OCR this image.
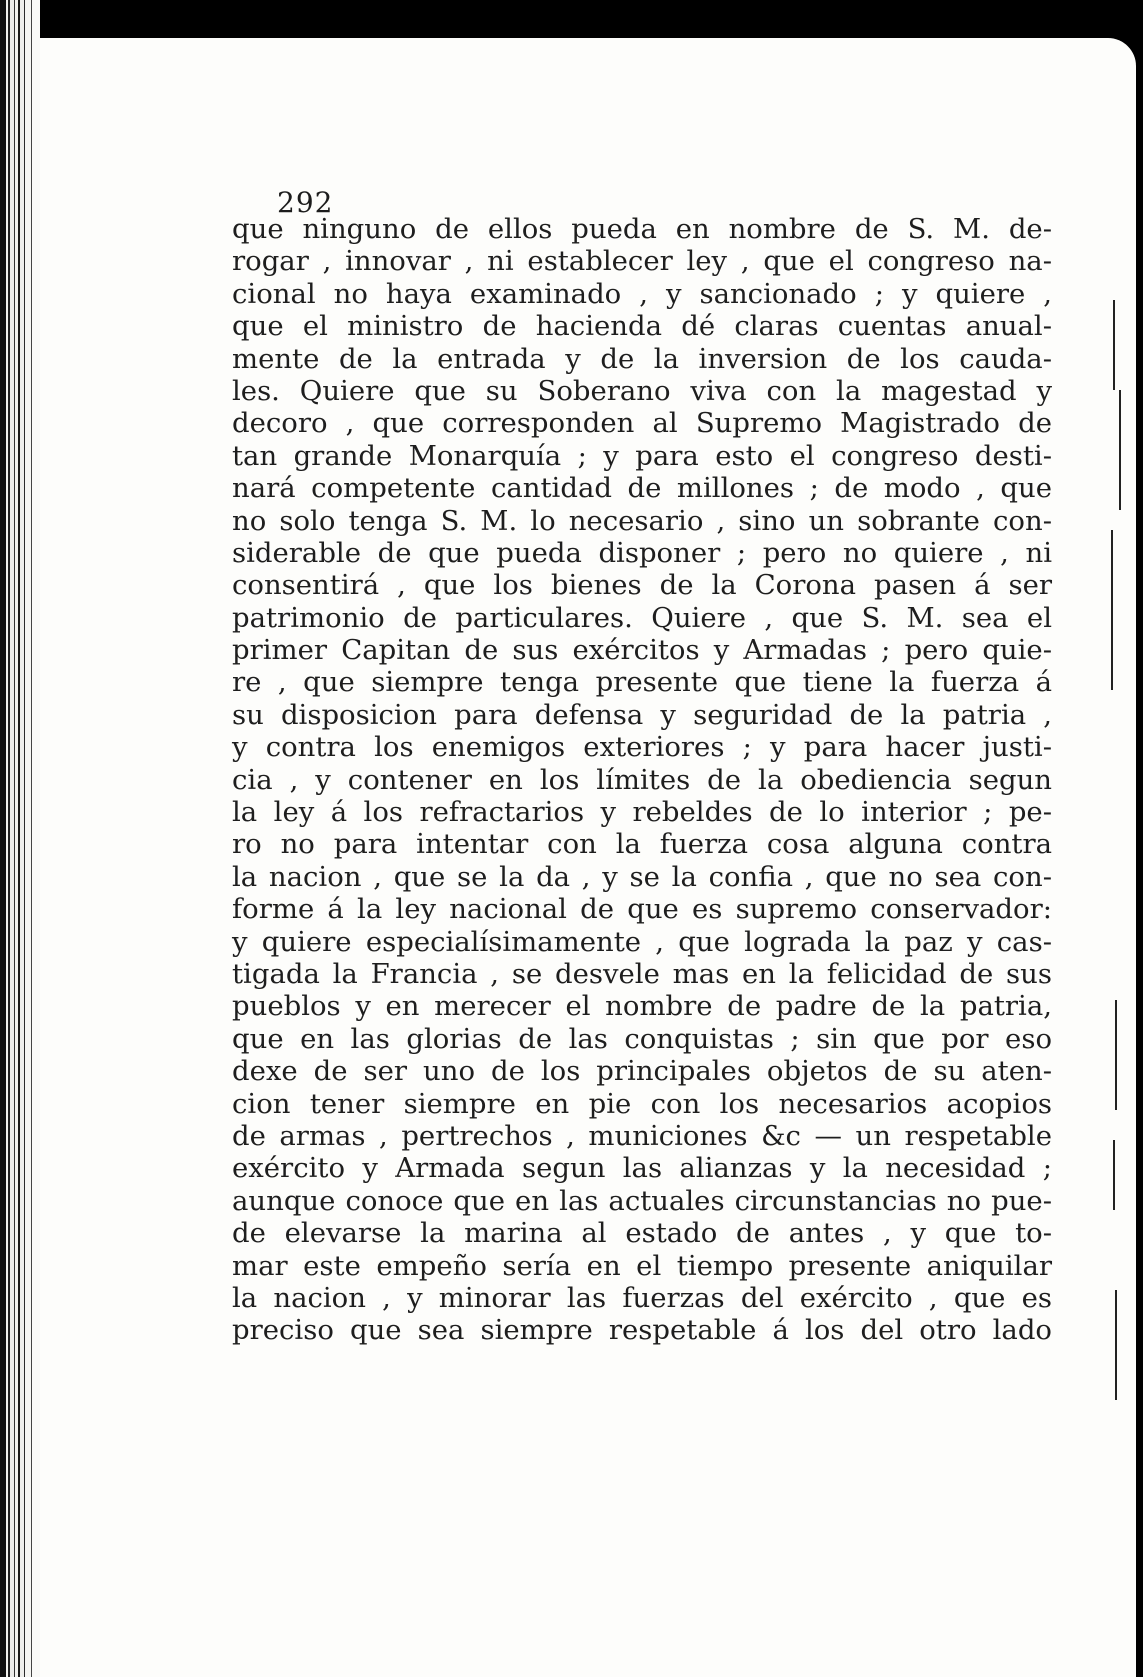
292

que ninguno de ellos pueda en nombre de S. M. de-
rogar , innovar , ni establecer ley , que el congreso na-
cional no haya examinado , y sancionado ; y quiere ,
que el ministro de hacienda dé claras cuentas anual-
mente de la entrada y de la inversion de los cauda-
les. Quiere que su Soberano viva con la magestad y
decoro , que corresponden al Supremo Magistrado de
tan grande Monarquía ; y para esto el congreso desti-
nará competente cantidad de millones ; de modo , que
no solo tenga S. M. lo necesario , sino un sobrante con-
siderable de que pueda disponer ; pero no quiere , ni
consentirá , que los bienes de la Corona pasen á ser
patrimonio de particulares. Quiere , que S. M. sea el
primer Capitan de sus exércitos y Armadas ; pero quie-
re , que siempre tenga presente que tiene la fuerza á
su disposicion para defensa y seguridad de la patria ,
y contra los enemigos exteriores ; y para hacer justi-
cia , y contener en los límites de la obediencia segun
la ley á los refractarios y rebeldes de lo interior ; pe-
ro no para intentar con la fuerza cosa alguna contra
la nacion , que se la da , y se la confia , que no sea con-
forme á la ley nacional de que es supremo conservador:
y quiere especialísimamente , que lograda la paz y cas-
tigada la Francia , se desvele mas en la felicidad de sus
pueblos y en merecer el nombre de padre de la patria,
que en las glorias de las conquistas ; sin que por eso
dexe de ser uno de los principales objetos de su aten-
cion tener siempre en pie con los necesarios acopios
de armas , pertrechos , municiones &c — un respetable
exército y Armada segun las alianzas y la necesidad ;
aunque conoce que en las actuales circunstancias no pue-
de elevarse la marina al estado de antes , y que to-
mar este empeño sería en el tiempo presente aniquilar
la nacion , y minorar las fuerzas del exército , que es
preciso que sea siempre respetable á los del otro lado
